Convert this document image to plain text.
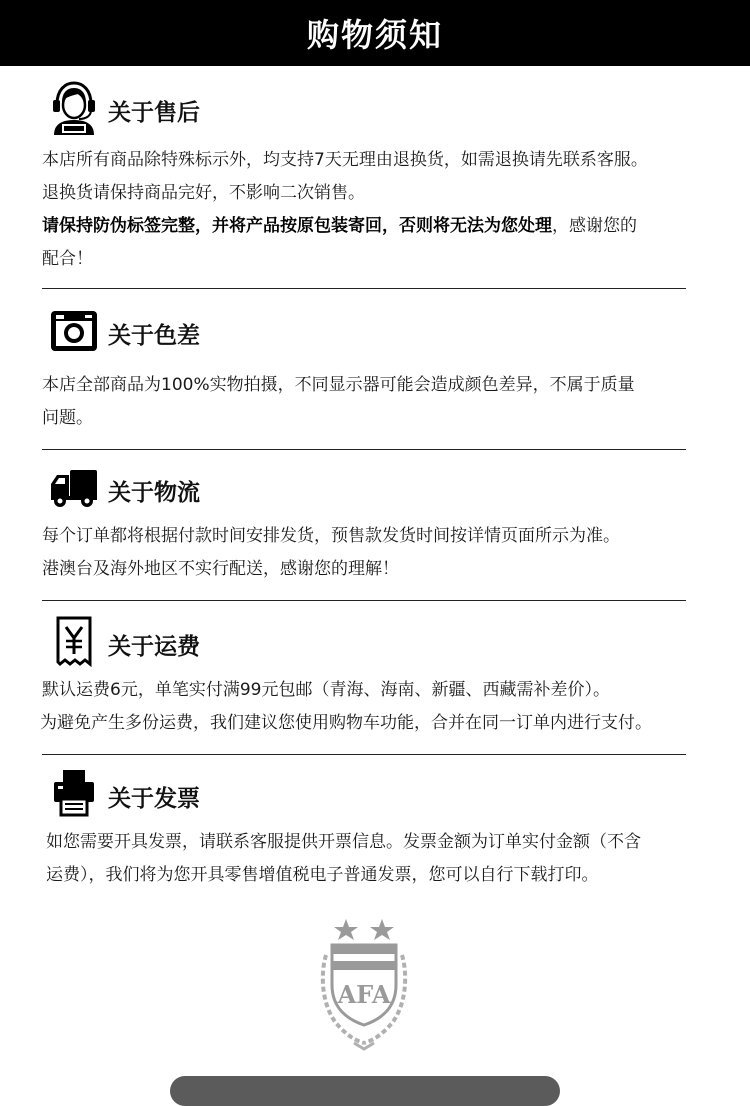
购物须知
关于售后

本店所有商品除特殊标示外，均支持7天无理由退换货，如需退换请先联系客服。

退换货请保持商品完好，不影响二次销售。

请保持防伪标签完整，并将产品按原包装寄回，否则将无法为您处理，感谢您的

配合！

关于色差

本店全部商品为100%实物拍摄，不同显示器可能会造成颜色差异，不属于质量

问题。

关于物流

每个订单都将根据付款时间安排发货，预售款发货时间按详情页面所示为准。

港澳台及海外地区不实行配送，感谢您的理解！

关于运费

默认运费6元，单笔实付满99元包邮（青海、海南、新疆、西藏需补差价）。

为避免产生多份运费，我们建议您使用购物车功能，合并在同一订单内进行支付。

关于发票

如您需要开具发票，请联系客服提供开票信息。发票金额为订单实付金额（不含

运费），我们将为您开具零售增值税电子普通发票，您可以自行下载打印。

AFA
